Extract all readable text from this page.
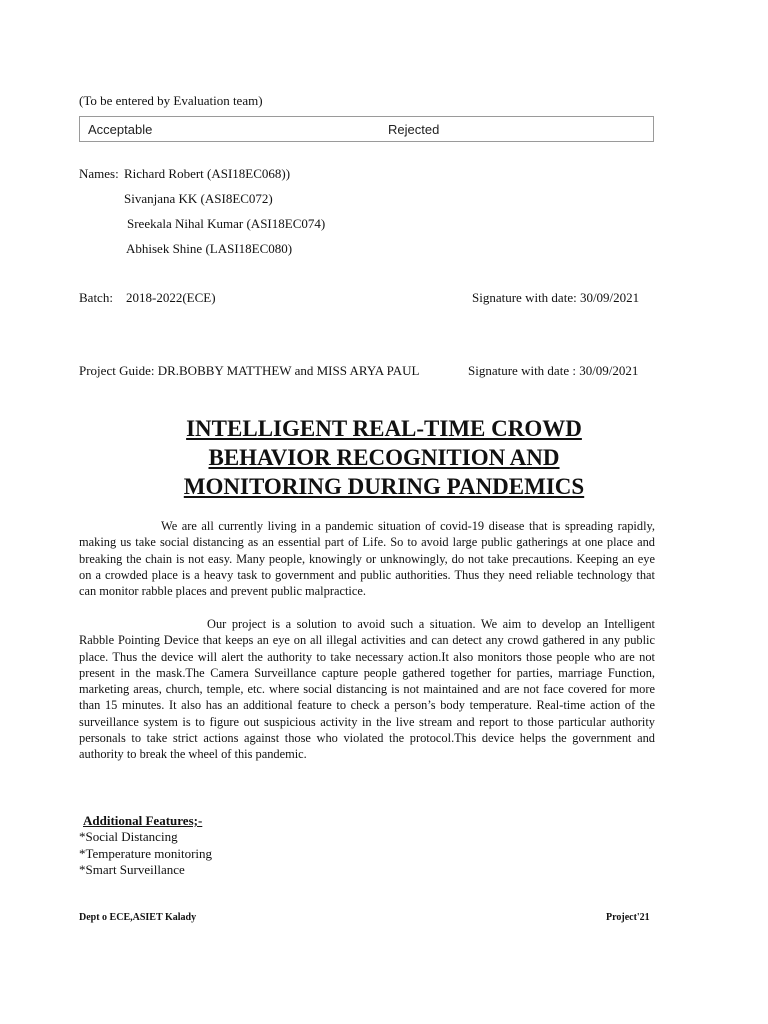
(To be entered by Evaluation team)
Acceptable	Rejected
Names: Richard Robert (ASI18EC068))
Sivanjana KK (ASI8EC072)
Sreekala Nihal Kumar (ASI18EC074)
Abhisek Shine (LASI18EC080)
Batch: 2018-2022(ECE)	Signature with date: 30/09/2021
Project Guide: DR.BOBBY MATTHEW and MISS ARYA PAUL	Signature with date : 30/09/2021
INTELLIGENT REAL-TIME CROWD
BEHAVIOR RECOGNITION AND
MONITORING DURING PANDEMICS
We are all currently living in a pandemic situation of covid-19 disease that is spreading rapidly, making us take social distancing as an essential part of Life. So to avoid large public gatherings at one place and breaking the chain is not easy. Many people, knowingly or unknowingly, do not take precautions. Keeping an eye on a crowded place is a heavy task to government and public authorities. Thus they need reliable technology that can monitor rabble places and prevent public malpractice.
Our project is a solution to avoid such a situation. We aim to develop an Intelligent Rabble Pointing Device that keeps an eye on all illegal activities and can detect any crowd gathered in any public place. Thus the device will alert the authority to take necessary action.It also monitors those people who are not present in the mask.The Camera Surveillance capture people gathered together for parties, marriage Function, marketing areas, church, temple, etc. where social distancing is not maintained and are not face covered for more than 15 minutes. It also has an additional feature to check a person’s body temperature. Real-time action of the surveillance system is to figure out suspicious activity in the live stream and report to those particular authority personals to take strict actions against those who violated the protocol.This device helps the government and authority to break the wheel of this pandemic.
Additional Features;-
*Social Distancing
*Temperature monitoring
*Smart Surveillance
Dept o ECE,ASIET Kalady	Project'21
